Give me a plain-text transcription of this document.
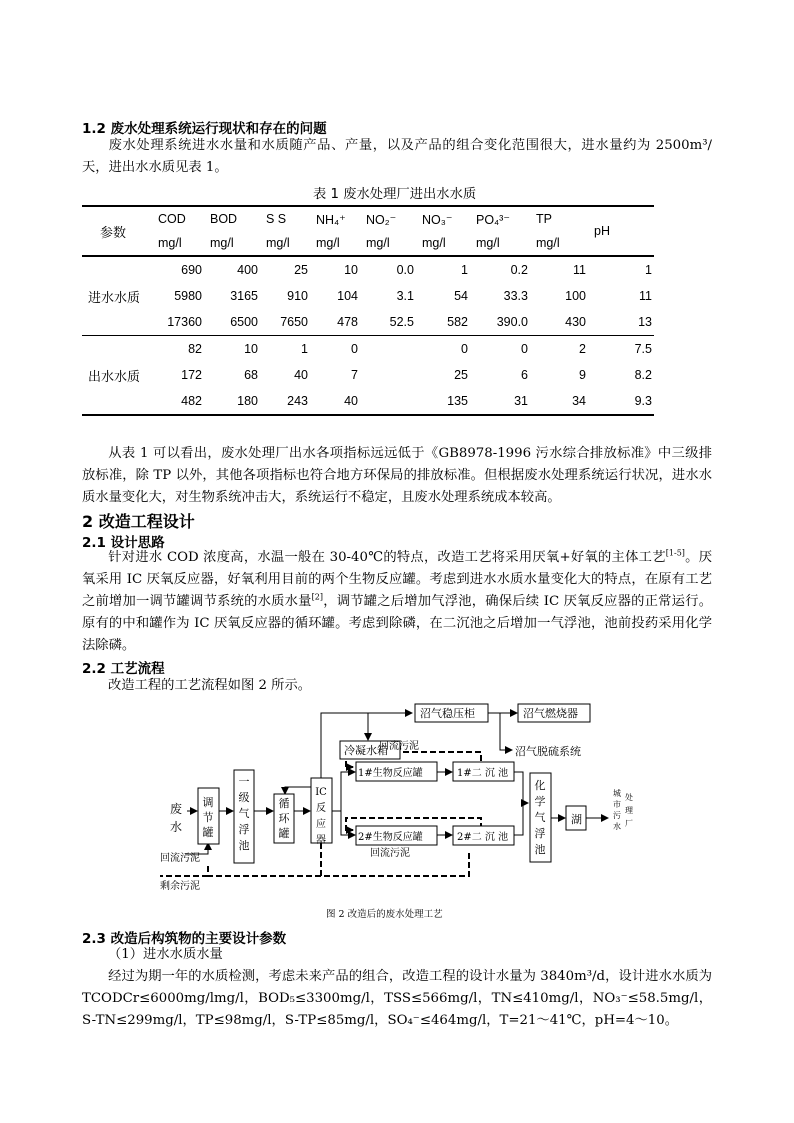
1.2 废水处理系统运行现状和存在的问题
废水处理系统进水水量和水质随产品、产量，以及产品的组合变化范围很大，进水量约为 2500m³/天，进出水水质见表 1。
表 1 废水处理厂进出水水质
参数	COD	BOD	S S	NH₄⁺	NO₂⁻	NO₃⁻	PO₄³⁻	TP	pH
	mg/l	mg/l	mg/l	mg/l	mg/l	mg/l	mg/l	mg/l	
进水水质	690	400	25	10	0.0	1	0.2	11	1
	5980	3165	910	104	3.1	54	33.3	100	11
	17360	6500	7650	478	52.5	582	390.0	430	13
出水水质	82	10	1	0		0	0	2	7.5
	172	68	40	7		25	6	9	8.2
	482	180	243	40		135	31	34	9.3
从表 1 可以看出，废水处理厂出水各项指标远远低于《GB8978-1996 污水综合排放标准》中三级排放标准，除 TP 以外，其他各项指标也符合地方环保局的排放标准。但根据废水处理系统运行状况，进水水质水量变化大，对生物系统冲击大，系统运行不稳定，且废水处理系统成本较高。
2 改造工程设计
2.1 设计思路
针对进水 COD 浓度高，水温一般在 30-40℃的特点，改造工艺将采用厌氧+好氧的主体工艺[1-5]。厌氧采用 IC 厌氧反应器，好氧利用目前的两个生物反应罐。考虑到进水水质水量变化大的特点，在原有工艺之前增加一调节罐调节系统的水质水量[2]，调节罐之后增加气浮池，确保后续 IC 厌氧反应器的正常运行。原有的中和罐作为 IC 厌氧反应器的循环罐。考虑到除磷，在二沉池之后增加一气浮池，池前投药采用化学法除磷。
2.2 工艺流程
改造工程的工艺流程如图 2 所示。
沼气稳压柜	沼气燃烧器
沼气脱硫系统
冷凝水箱
回流污泥
回流污泥
回流污泥
剩余污泥
1#生物反应罐
2#生物反应罐
1#二 沉 池
2#二 沉 池
湖
废
水
调
节
罐
一
级
气
浮
池
循
环
罐
IC
反
应
器
化
学
气
浮
池
城
市
污
水
处
理
厂
图 2 改造后的废水处理工艺
2.3 改造后构筑物的主要设计参数
（1）进水水质水量
经过为期一年的水质检测，考虑未来产品的组合，改造工程的设计水量为 3840m³/d，设计进水水质为 TCODCr≤6000mg/lmg/l，BOD₅≤3300mg/l，TSS≤566mg/l，TN≤410mg/l，NO₃⁻≤58.5mg/l，S-TN≤299mg/l，TP≤98mg/l，S-TP≤85mg/l，SO₄⁻≤464mg/l，T=21～41℃，pH=4～10。
